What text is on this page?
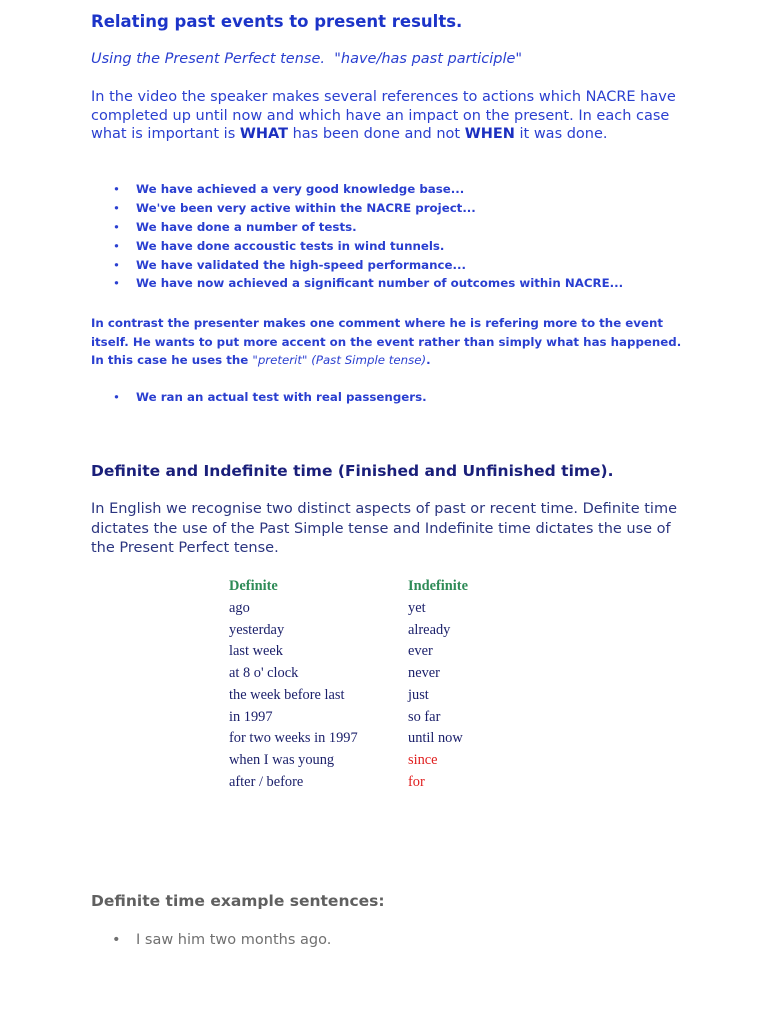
Relating past events to present results.

Using the Present Perfect tense.  "have/has past participle"

In the video the speaker makes several references to actions which NACRE have completed up until now and which have an impact on the present. In each case what is important is WHAT has been done and not WHEN it was done.

• We have achieved a very good knowledge base...
• We've been very active within the NACRE project...
• We have done a number of tests.
• We have done accoustic tests in wind tunnels.
• We have validated the high-speed performance...
• We have now achieved a significant number of outcomes within NACRE...

In contrast the presenter makes one comment where he is refering more to the event itself. He wants to put more accent on the event rather than simply what has happened. In this case he uses the "preterit" (Past Simple tense).

• We ran an actual test with real passengers.
Definite and Indefinite time (Finished and Unfinished time).

In English we recognise two distinct aspects of past or recent time. Definite time dictates the use of the Past Simple tense and Indefinite time dictates the use of the Present Perfect tense.

Definite
ago
yesterday
last week
at 8 o' clock
the week before last
in 1997
for two weeks in 1997
when I was young
after / before
Indefinite
yet
already
ever
never
just
so far
until now
since
for
Definite time example sentences:
• I saw him two months ago.
